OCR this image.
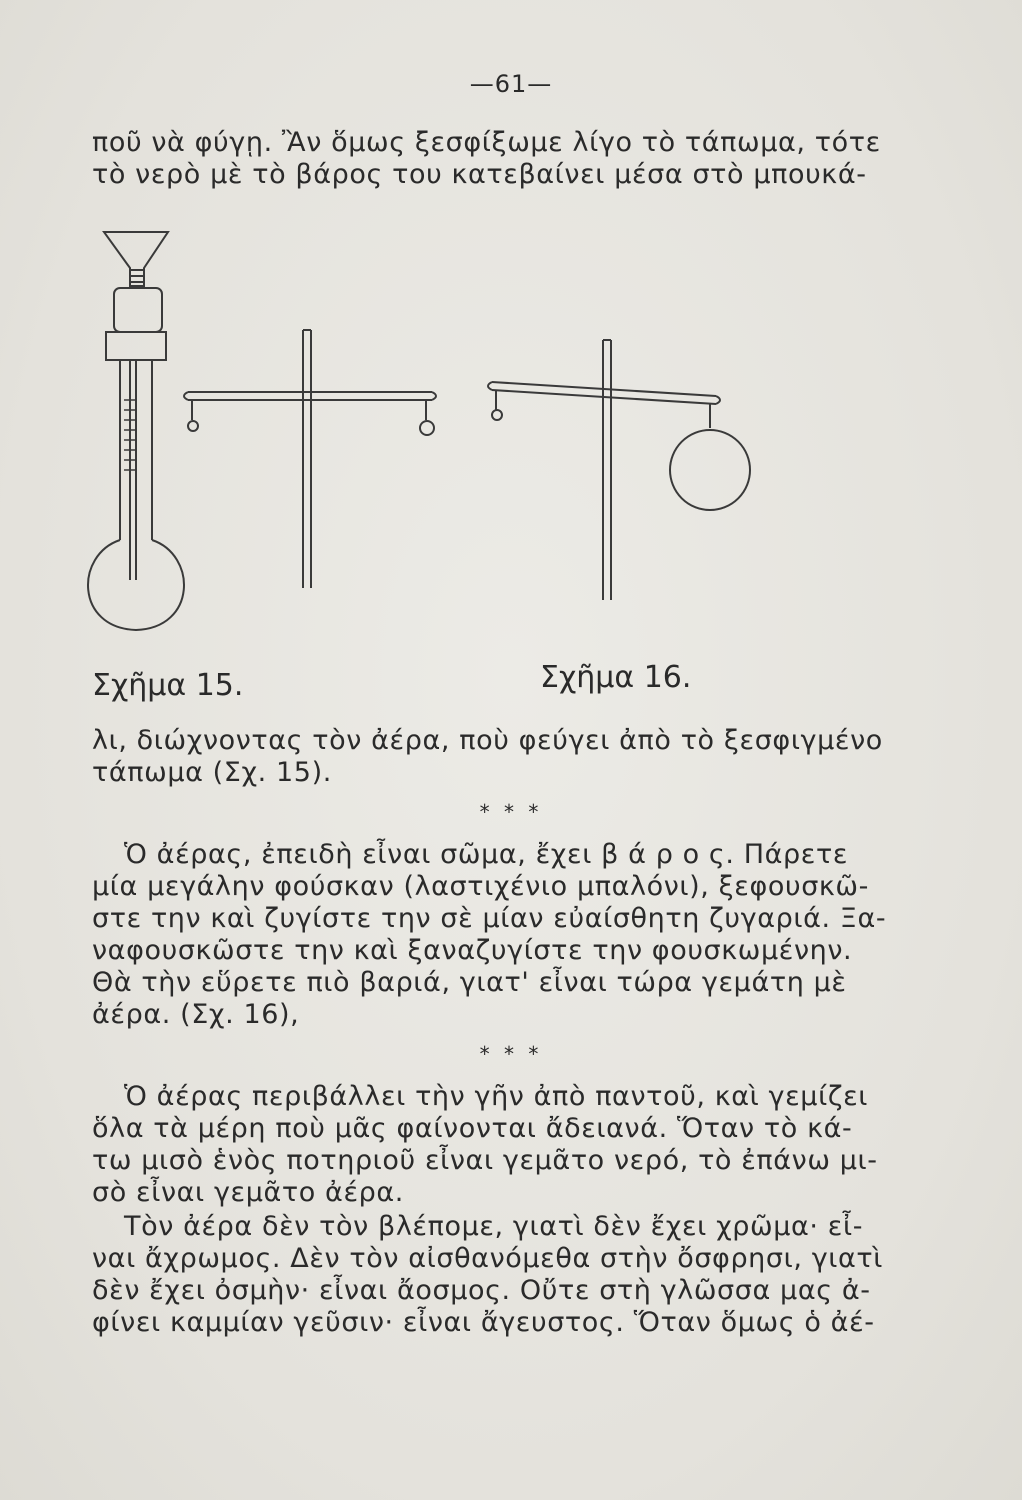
—61—
ποῦ νὰ φύγῃ. Ἂν ὅμως ξεσφίξωμε λίγο τὸ τάπωμα, τότε
τὸ νερὸ μὲ τὸ βάρος του κατεβαίνει μέσα στὸ μπουκά-
Σχῆμα 15.	Σχῆμα 16.
λι, διώχνοντας τὸν ἀέρα, ποὺ φεύγει ἀπὸ τὸ ξεσφιγμένο
τάπωμα (Σχ. 15).
* * *
Ὁ ἀέρας, ἐπειδὴ εἶναι σῶμα, ἔχει β ά ρ ο ς. Πάρετε
μία μεγάλην φούσκαν (λαστιχένιο μπαλόνι), ξεφουσκῶ-
στε την καὶ ζυγίστε την σὲ μίαν εὐαίσθητη ζυγαριά. Ξα-
ναφουσκῶστε την καὶ ξαναζυγίστε την φουσκωμένην.
Θὰ τὴν εὕρετε πιὸ βαριά, γιατ' εἶναι τώρα γεμάτη μὲ
ἀέρα. (Σχ. 16),
* * *
Ὁ ἀέρας περιβάλλει τὴν γῆν ἀπὸ παντοῦ, καὶ γεμίζει
ὅλα τὰ μέρη ποὺ μᾶς φαίνονται ἄδειανά. Ὅταν τὸ κά-
τω μισὸ ἑνὸς ποτηριοῦ εἶναι γεμᾶτο νερό, τὸ ἐπάνω μι-
σὸ εἶναι γεμᾶτο ἀέρα.
Τὸν ἀέρα δὲν τὸν βλέπομε, γιατὶ δὲν ἔχει χρῶμα· εἶ-
ναι ἄχρωμος. Δὲν τὸν αἰσθανόμεθα στὴν ὄσφρησι, γιατὶ
δὲν ἔχει ὀσμὴν· εἶναι ἄοσμος. Οὔτε στὴ γλῶσσα μας ἀ-
φίνει καμμίαν γεῦσιν· εἶναι ἄγευστος. Ὅταν ὅμως ὁ ἀέ-
